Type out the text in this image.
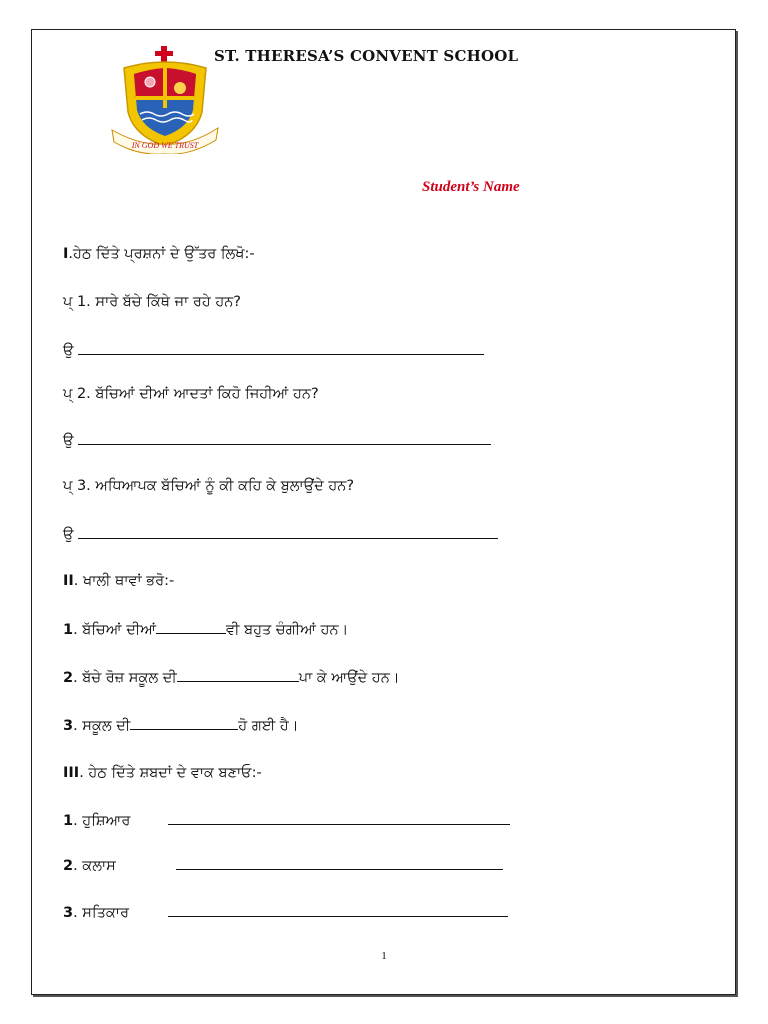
IN GOD WE TRUST
ST. THERESA’S CONVENT SCHOOL
Student’s Name
I .ਹੇਠ ਦਿੱਤੇ ਪ੍ਰਸ਼ਨਾਂ ਦੇ ਉੱਤਰ ਲਿਖੋ:-
ਪ੍ 1.
ਸਾਰੇ ਬੱਚੇ ਕਿੱਥੇ ਜਾ ਰਹੇ ਹਨ?
ਉ

ਪ੍ 2.
ਬੱਚਿਆਂ ਦੀਆਂ ਆਦਤਾਂ ਕਿਹੋ ਜਿਹੀਆਂ ਹਨ?
ਉ

ਪ੍ 3.
ਅਧਿਆਪਕ ਬੱਚਿਆਂ ਨੂੰ ਕੀ ਕਹਿ ਕੇ ਬੁਲਾਉਂਦੇ ਹਨ?
ਉ

II . ਖਾਲੀ ਥਾਵਾਂ ਭਰੋ:-
1 . ਬੱਚਿਆਂ ਦੀਆਂ	ਵੀ ਬਹੁਤ ਚੰਗੀਆਂ ਹਨ।
2 . ਬੱਚੇ ਰੋਜ਼ ਸਕੂਲ ਦੀ	ਪਾ ਕੇ ਆਉਂਦੇ ਹਨ।
3 . ਸਕੂਲ ਦੀ	ਹੋ ਗਈ ਹੈ।
III . ਹੇਠ ਦਿੱਤੇ ਸ਼ਬਦਾਂ ਦੇ ਵਾਕ ਬਣਾਓ:-
1 . ਹੁਸ਼ਿਆਰ
2 . ਕਲਾਸ
3 . ਸਤਿਕਾਰ
1
